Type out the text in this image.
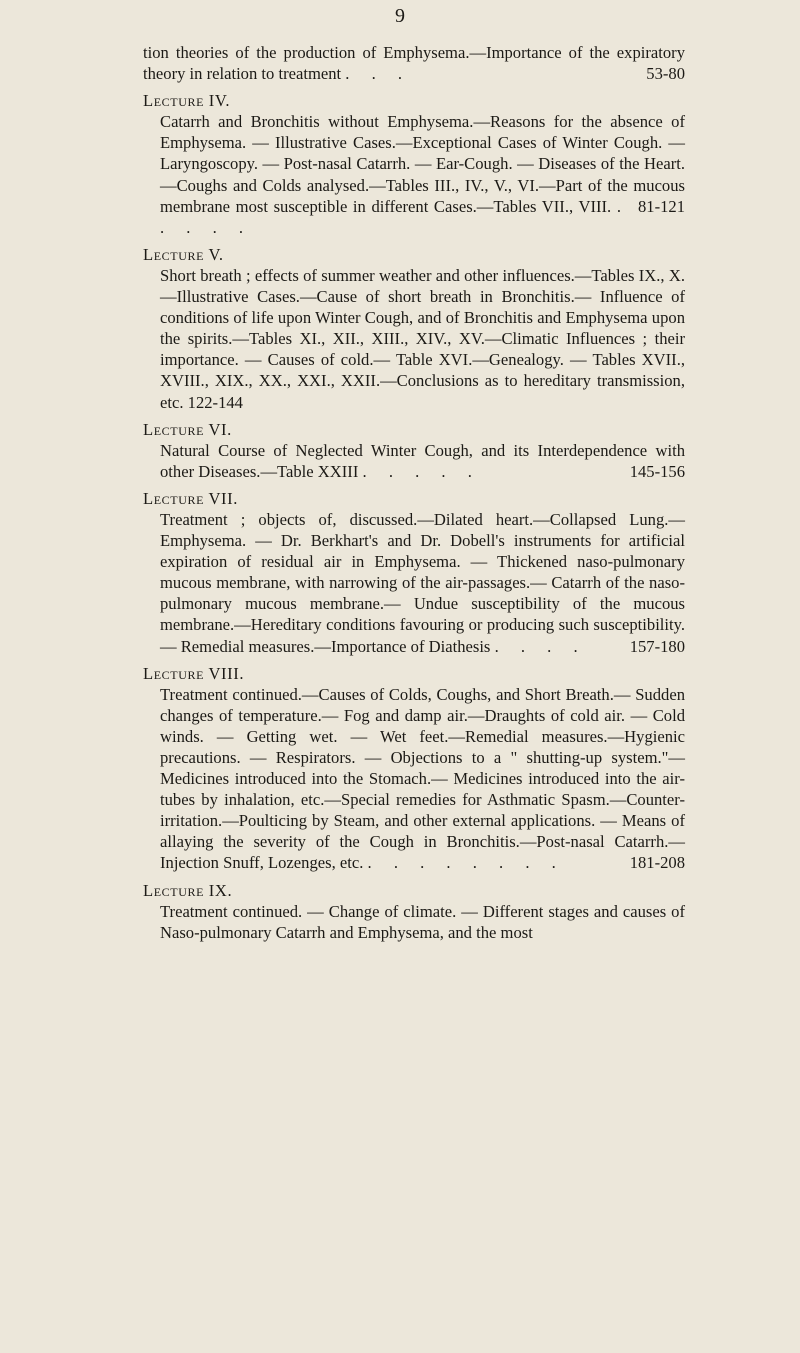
9

tion theories of the production of Emphysema.—Importance of the expiratory theory in relation to treatment	53-80
. . .

Lecture IV.

Catarrh and Bronchitis without Emphysema.—Reasons for the absence of Emphysema. — Illustrative Cases.—Exceptional Cases of Winter Cough. — Laryngoscopy. — Post-nasal Catarrh. — Ear-Cough. — Diseases of the Heart.—Coughs and Colds analysed.—Tables III., IV., V., VI.—Part of the mucous membrane most susceptible in different Cases.—Tables VII., VIII.	81-121
. . . . .

Lecture V.

Short breath ; effects of summer weather and other influences.—Tables IX., X.—Illustrative Cases.—Cause of short breath in Bronchitis.— Influence of conditions of life upon Winter Cough, and of Bronchitis and Emphysema upon the spirits.—Tables XI., XII., XIII., XIV., XV.—Climatic Influences ; their importance. — Causes of cold.— Table XVI.—Genealogy. — Tables XVII., XVIII., XIX., XX., XXI., XXII.—Conclusions as to hereditary transmission, etc. 122-144

Lecture VI.

Natural Course of Neglected Winter Cough, and its Interdependence with other Diseases.—Table XXIII	145-156
. . . . .

Lecture VII.

Treatment ; objects of, discussed.—Dilated heart.—Collapsed Lung.— Emphysema. — Dr. Berkhart's and Dr. Dobell's instruments for artificial expiration of residual air in Emphysema. — Thickened naso-pulmonary mucous membrane, with narrowing of the air-passages.— Catarrh of the naso-pulmonary mucous membrane.— Undue susceptibility of the mucous membrane.—Hereditary conditions favouring or producing such susceptibility. — Remedial measures.—Importance of Diathesis	157-180
. . . .

Lecture VIII.

Treatment continued.—Causes of Colds, Coughs, and Short Breath.— Sudden changes of temperature.— Fog and damp air.—Draughts of cold air. — Cold winds. — Getting wet. — Wet feet.—Remedial measures.—Hygienic precautions. — Respirators. — Objections to a " shutting-up system."—Medicines introduced into the Stomach.— Medicines introduced into the air-tubes by inhalation, etc.—Special remedies for Asthmatic Spasm.—Counter-irritation.—Poulticing by Steam, and other external applications. — Means of allaying the severity of the Cough in Bronchitis.—Post-nasal Catarrh.—Injection Snuff, Lozenges, etc.	181-208
. . . . . . . .

Lecture IX.

Treatment continued. — Change of climate. — Different stages and causes of Naso-pulmonary Catarrh and Emphysema, and the most
